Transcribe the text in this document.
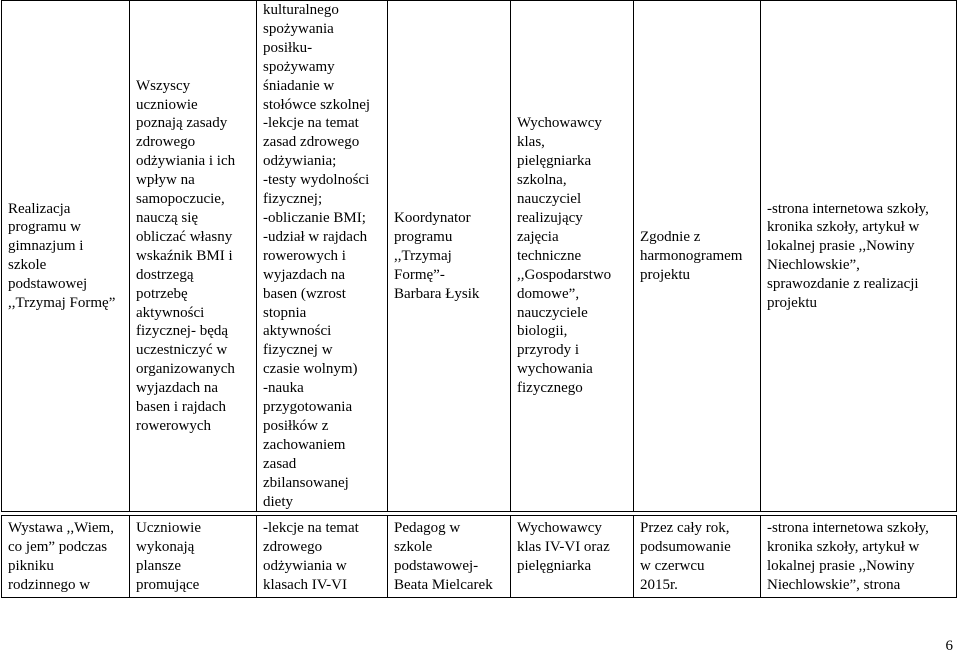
Realizacja
programu w
gimnazjum i
szkole
podstawowej
,,Trzymaj Formę”

Wszyscy
uczniowie
poznają zasady
zdrowego
odżywiania i ich
wpływ na
samopoczucie,
nauczą się
obliczać własny
wskaźnik BMI i
dostrzegą
potrzebę
aktywności
fizycznej- będą
uczestniczyć w
organizowanych
wyjazdach na
basen i rajdach
rowerowych

kulturalnego
spożywania
posiłku-
spożywamy
śniadanie w
stołówce szkolnej
-lekcje na temat
zasad zdrowego
odżywiania;
-testy wydolności
fizycznej;
-obliczanie BMI;
-udział w rajdach
rowerowych i
wyjazdach na
basen (wzrost
stopnia
aktywności
fizycznej w
czasie wolnym)
-nauka
przygotowania
posiłków z
zachowaniem
zasad
zbilansowanej
diety

Koordynator
programu
,,Trzymaj
Formę”-
Barbara Łysik

Wychowawcy
klas,
pielęgniarka
szkolna,
nauczyciel
realizujący
zajęcia
techniczne
,,Gospodarstwo
domowe”,
nauczyciele
biologii,
przyrody i
wychowania
fizycznego

Zgodnie z
harmonogramem
projektu

-strona internetowa szkoły,
kronika szkoły, artykuł w
lokalnej prasie ,,Nowiny
Niechlowskie”,
sprawozdanie z realizacji
projektu
Wystawa ,,Wiem,
co jem” podczas
pikniku
rodzinnego w

Uczniowie
wykonają
plansze
promujące

-lekcje na temat
zdrowego
odżywiania w
klasach IV-VI

Pedagog w
szkole
podstawowej-
Beata Mielcarek

Wychowawcy
klas IV-VI oraz
pielęgniarka

Przez cały rok,
podsumowanie
w czerwcu
2015r.

-strona internetowa szkoły,
kronika szkoły, artykuł w
lokalnej prasie ,,Nowiny
Niechlowskie”, strona
6
